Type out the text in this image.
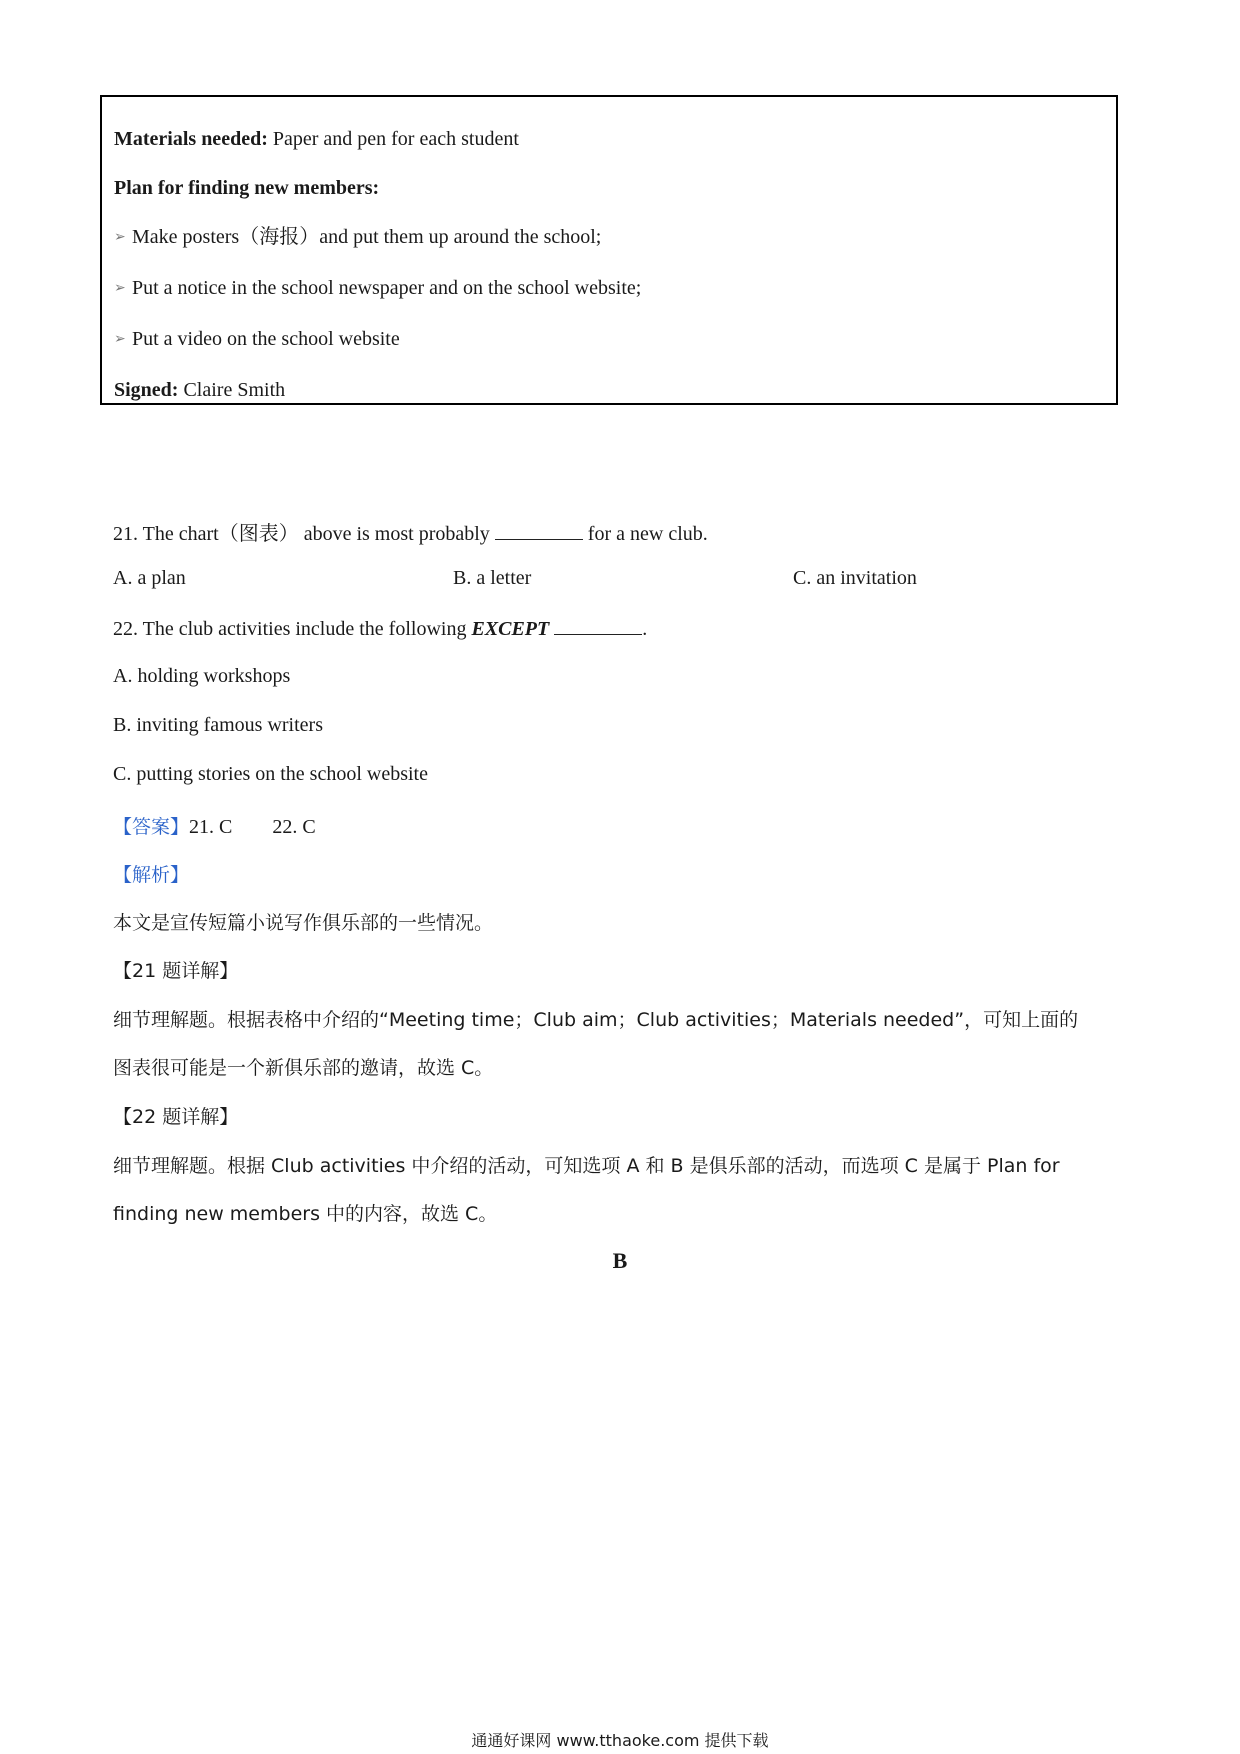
Materials needed: Paper and pen for each student
Plan for finding new members:
➢ Make posters（海报）and put them up around the school;
➢ Put a notice in the school newspaper and on the school website;
➢ Put a video on the school website
Signed: Claire Smith
21. The chart（图表） above is most probably	for a new club.
A. a plan	B. a letter	C. an invitation
22. The club activities include the following EXCEPT	.
A. holding workshops
B. inviting famous writers
C. putting stories on the school website
【答案】21. C        22. C
【解析】
本文是宣传短篇小说写作俱乐部的一些情况。
【21 题详解】
细节理解题。根据表格中介绍的“Meeting time；Club aim；Club activities；Materials needed”，可知上面的
图表很可能是一个新俱乐部的邀请，故选 C。
【22 题详解】
细节理解题。根据 Club activities 中介绍的活动，可知选项 A 和 B 是俱乐部的活动，而选项 C 是属于 Plan for
finding new members 中的内容，故选 C。
B
通通好课网 www.tthaoke.com 提供下载
